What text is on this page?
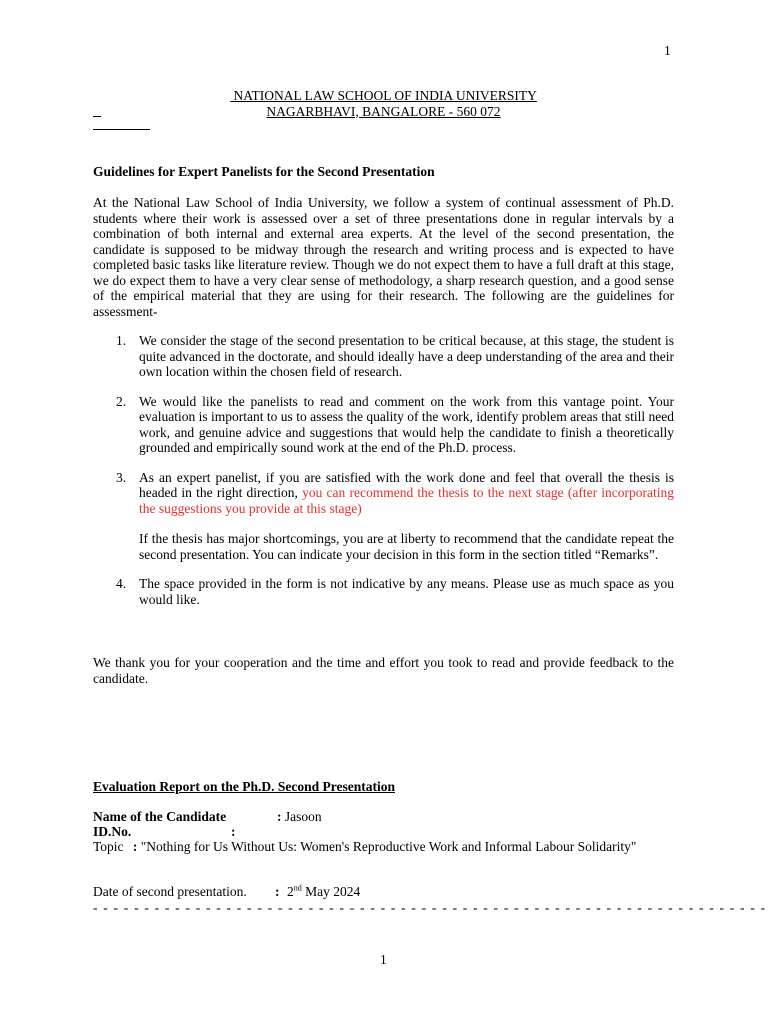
1
NATIONAL LAW SCHOOL OF INDIA UNIVERSITY
NAGARBHAVI, BANGALORE - 560 072
Guidelines for Expert Panelists for the Second Presentation
At the National Law School of India University, we follow a system of continual assessment of Ph.D. students where their work is assessed over a set of three presentations done in regular intervals by a combination of both internal and external area experts. At the level of the second presentation, the candidate is supposed to be midway through the research and writing process and is expected to have completed basic tasks like literature review. Though we do not expect them to have a full draft at this stage, we do expect them to have a very clear sense of methodology, a sharp research question, and a good sense of the empirical material that they are using for their research. The following are the guidelines for assessment-
1. We consider the stage of the second presentation to be critical because, at this stage, the student is quite advanced in the doctorate, and should ideally have a deep understanding of the area and their own location within the chosen field of research.
2. We would like the panelists to read and comment on the work from this vantage point. Your evaluation is important to us to assess the quality of the work, identify problem areas that still need work, and genuine advice and suggestions that would help the candidate to finish a theoretically grounded and empirically sound work at the end of the Ph.D. process.
3. As an expert panelist, if you are satisfied with the work done and feel that overall the thesis is headed in the right direction, you can recommend the thesis to the next stage (after incorporating the suggestions you provide at this stage)
If the thesis has major shortcomings, you are at liberty to recommend that the candidate repeat the second presentation. You can indicate your decision in this form in the section titled “Remarks”.
4. The space provided in the form is not indicative by any means. Please use as much space as you would like.
We thank you for your cooperation and the time and effort you took to read and provide feedback to the candidate.
Evaluation Report on the Ph.D. Second Presentation
Name of the Candidate	: Jasoon
ID.No.	:
Topic : "Nothing for Us Without Us: Women's Reproductive Work and Informal Labour Solidarity"
Date of second presentation. : 2nd May 2024
- - - - - - - - - - - - - - - - - - - - - - - - - - - - - - - - - - - - - - - - - - - - - - - - - - - - - - - - - - - - - - - - - -
1
